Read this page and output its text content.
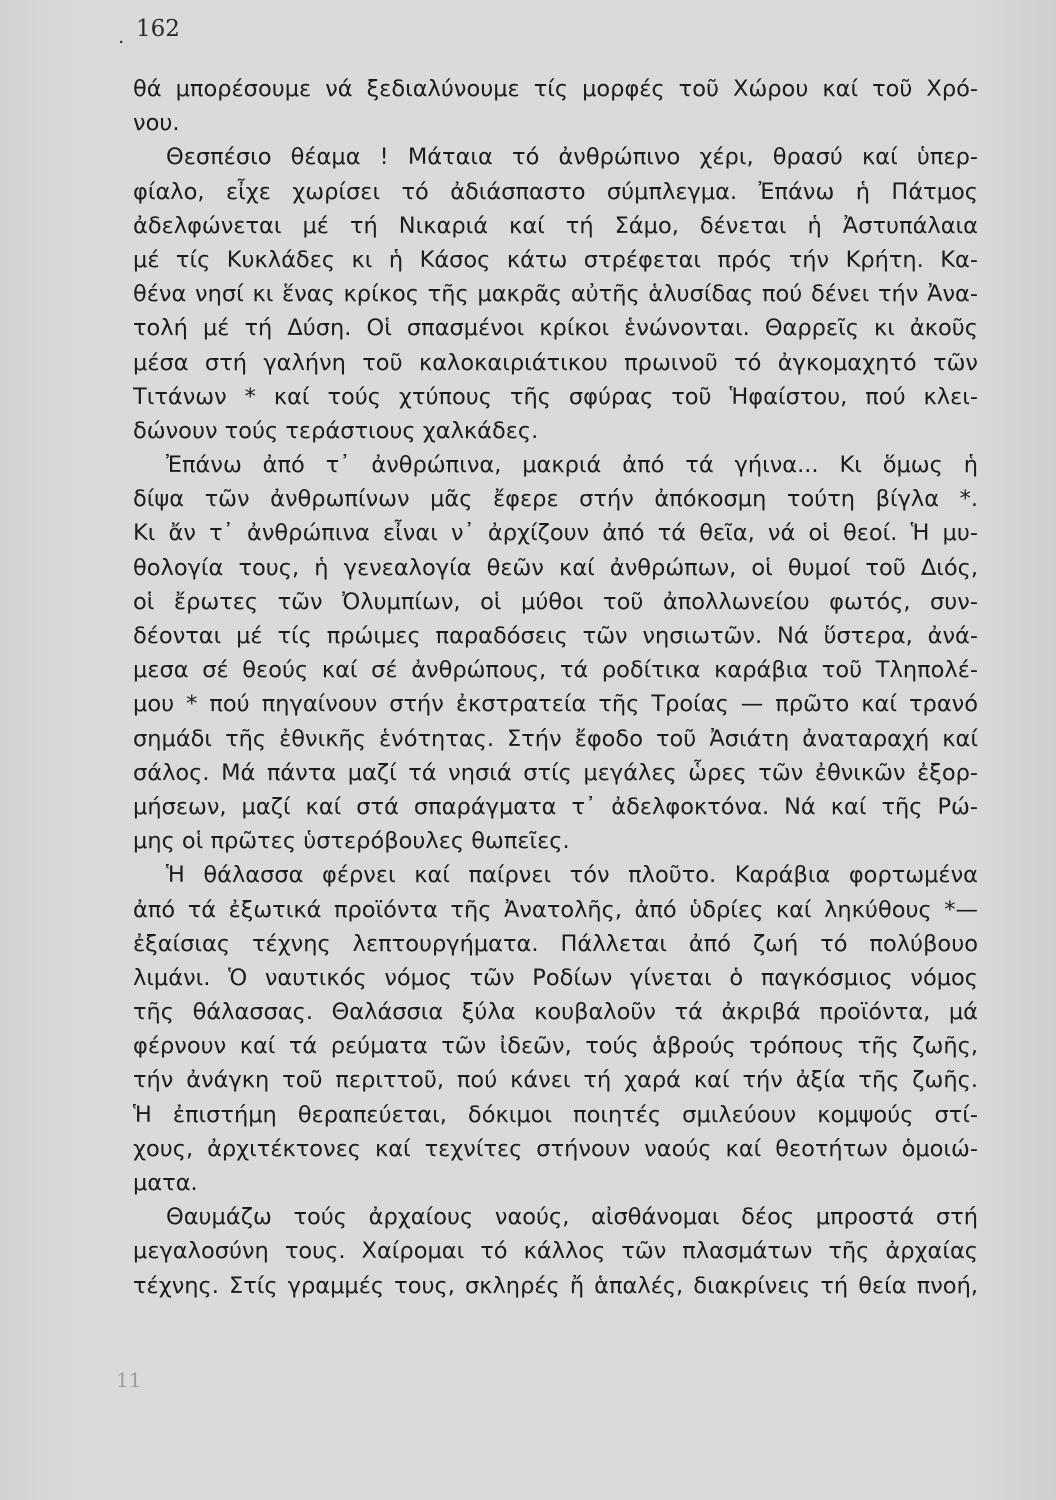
. 162
θά μπορέσουμε νά ξεδιαλύνουμε τίς μορφές τοῦ Χώρου καί τοῦ Χρό-
νου.
Θεσπέσιο θέαμα ! Μάταια τό ἀνθρώπινο χέρι, θρασύ καί ὑπερ-
φίαλο, εἶχε χωρίσει τό ἀδιάσπαστο σύμπλεγμα. Ἐπάνω ἡ Πάτμος
ἀδελφώνεται μέ τή Νικαριά καί τή Σάμο, δένεται ἡ Ἀστυπάλαια
μέ τίς Κυκλάδες κι ἡ Κάσος κάτω στρέφεται πρός τήν Κρήτη. Κα-
θένα νησί κι ἕνας κρίκος τῆς μακρᾶς αὐτῆς ἁλυσίδας πού δένει τήν Ἀνα-
τολή μέ τή Δύση. Οἱ σπασμένοι κρίκοι ἑνώνονται. Θαρρεῖς κι ἀκοῦς
μέσα στή γαλήνη τοῦ καλοκαιριάτικου πρωινοῦ τό ἀγκομαχητό τῶν
Τιτάνων * καί τούς χτύπους τῆς σφύρας τοῦ Ἡφαίστου, πού κλει-
δώνουν τούς τεράστιους χαλκάδες.
Ἐπάνω ἀπό τ᾽ ἀνθρώπινα, μακριά ἀπό τά γήινα... Κι ὅμως ἡ
δίψα τῶν ἀνθρωπίνων μᾶς ἔφερε στήν ἀπόκοσμη τούτη βίγλα *.
Κι ἄν τ᾽ ἀνθρώπινα εἶναι ν᾽ ἀρχίζουν ἀπό τά θεῖα, νά οἱ θεοί. Ἡ μυ-
θολογία τους, ἡ γενεαλογία θεῶν καί ἀνθρώπων, οἱ θυμοί τοῦ Διός,
οἱ ἔρωτες τῶν Ὀλυμπίων, οἱ μύθοι τοῦ ἀπολλωνείου φωτός, συν-
δέονται μέ τίς πρώιμες παραδόσεις τῶν νησιωτῶν. Νά ὕστερα, ἀνά-
μεσα σέ θεούς καί σέ ἀνθρώπους, τά ροδίτικα καράβια τοῦ Τληπολέ-
μου * πού πηγαίνουν στήν ἐκστρατεία τῆς Τροίας — πρῶτο καί τρανό
σημάδι τῆς ἐθνικῆς ἑνότητας. Στήν ἔφοδο τοῦ Ἀσιάτη ἀναταραχή καί
σάλος. Μά πάντα μαζί τά νησιά στίς μεγάλες ὧρες τῶν ἐθνικῶν ἐξορ-
μήσεων, μαζί καί στά σπαράγματα τ᾽ ἀδελφοκτόνα. Νά καί τῆς Ρώ-
μης οἱ πρῶτες ὑστερόβουλες θωπεῖες.
Ἡ θάλασσα φέρνει καί παίρνει τόν πλοῦτο. Καράβια φορτωμένα
ἀπό τά ἐξωτικά προϊόντα τῆς Ἀνατολῆς, ἀπό ὑδρίες καί ληκύθους *—
ἐξαίσιας τέχνης λεπτουργήματα. Πάλλεται ἀπό ζωή τό πολύβουο
λιμάνι. Ὁ ναυτικός νόμος τῶν Ροδίων γίνεται ὁ παγκόσμιος νόμος
τῆς θάλασσας. Θαλάσσια ξύλα κουβαλοῦν τά ἀκριβά προϊόντα, μά
φέρνουν καί τά ρεύματα τῶν ἰδεῶν, τούς ἁβρούς τρόπους τῆς ζωῆς,
τήν ἀνάγκη τοῦ περιττοῦ, πού κάνει τή χαρά καί τήν ἀξία τῆς ζωῆς.
Ἡ ἐπιστήμη θεραπεύεται, δόκιμοι ποιητές σμιλεύουν κομψούς στί-
χους, ἀρχιτέκτονες καί τεχνίτες στήνουν ναούς καί θεοτήτων ὁμοιώ-
ματα.
Θαυμάζω τούς ἀρχαίους ναούς, αἰσθάνομαι δέος μπροστά στή
μεγαλοσύνη τους. Χαίρομαι τό κάλλος τῶν πλασμάτων τῆς ἀρχαίας
τέχνης. Στίς γραμμές τους, σκληρές ἤ ἁπαλές, διακρίνεις τή θεία πνοή,
11
